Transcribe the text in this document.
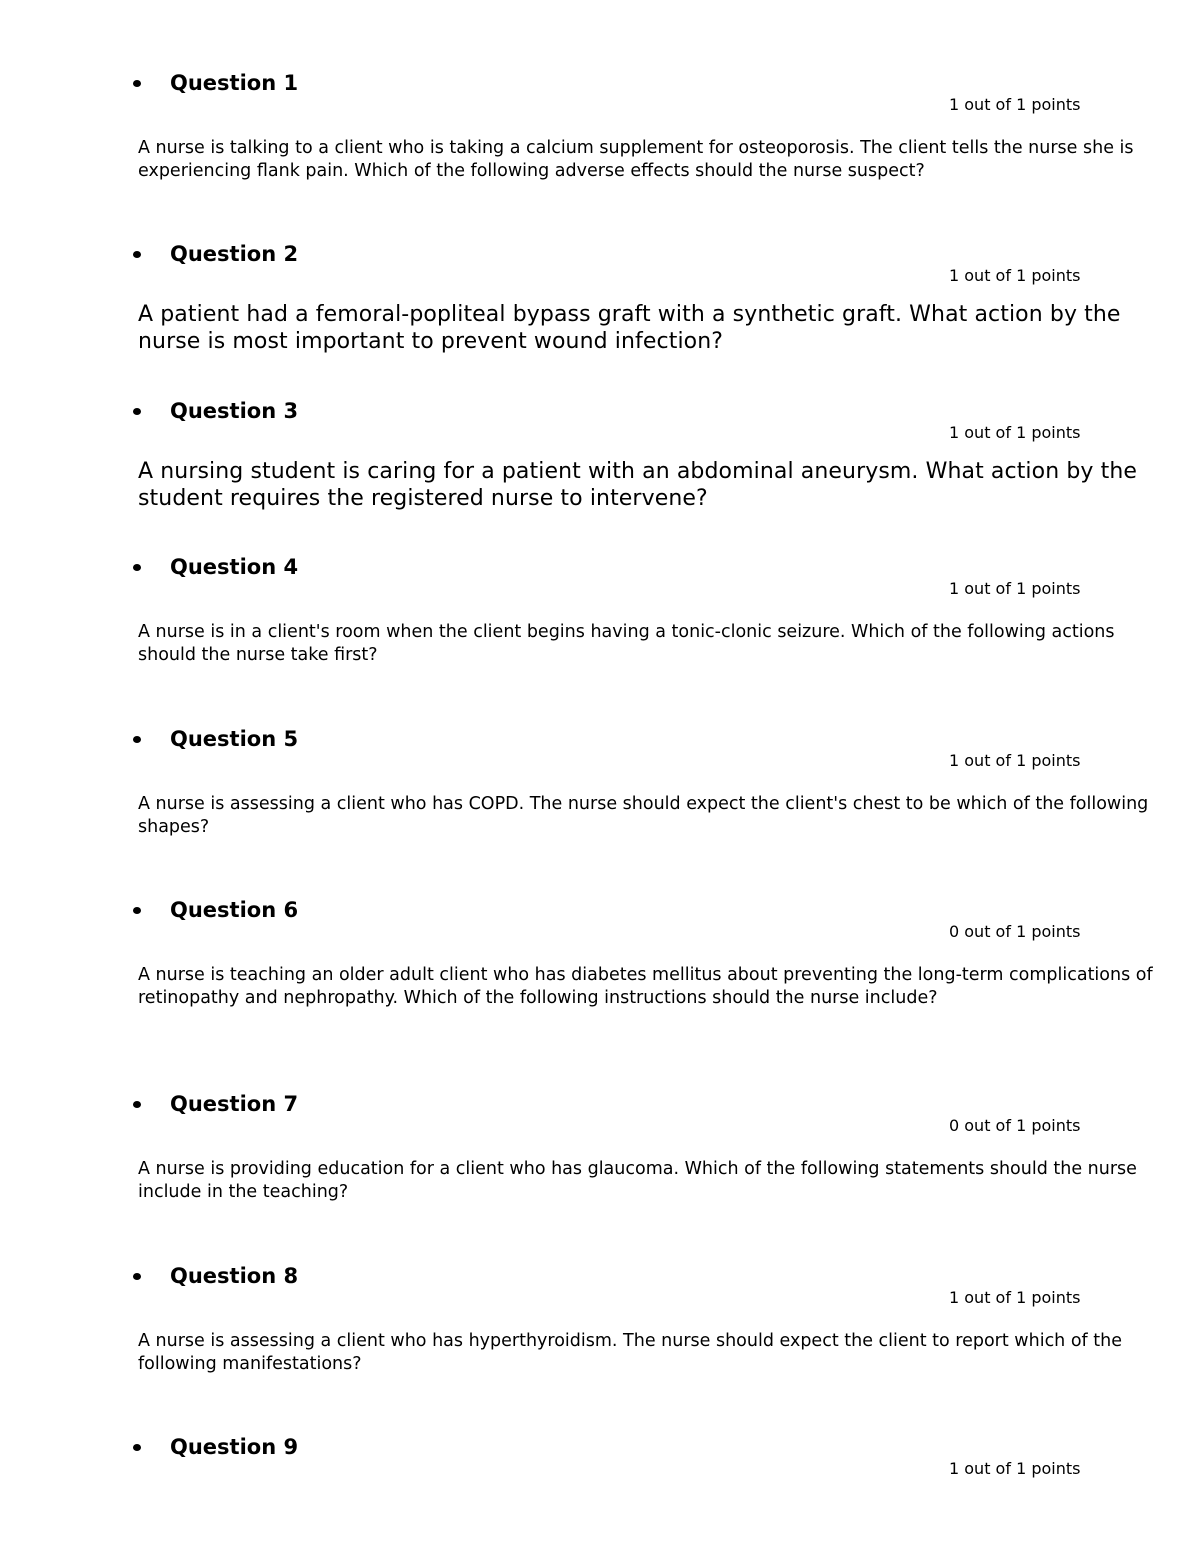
Question 1
1 out of 1 points
A nurse is talking to a client who is taking a calcium supplement for osteoporosis. The client tells the nurse she is experiencing flank pain. Which of the following adverse effects should the nurse suspect?
Question 2
1 out of 1 points
A patient had a femoral-popliteal bypass graft with a synthetic graft. What action by the nurse is most important to prevent wound infection?
Question 3
1 out of 1 points
A nursing student is caring for a patient with an abdominal aneurysm. What action by the student requires the registered nurse to intervene?
Question 4
1 out of 1 points
A nurse is in a client's room when the client begins having a tonic-clonic seizure. Which of the following actions should the nurse take first?
Question 5
1 out of 1 points
A nurse is assessing a client who has COPD. The nurse should expect the client's chest to be which of the following shapes?
Question 6
0 out of 1 points
A nurse is teaching an older adult client who has diabetes mellitus about preventing the long-term complications of retinopathy and nephropathy. Which of the following instructions should the nurse include?
Question 7
0 out of 1 points
A nurse is providing education for a client who has glaucoma. Which of the following statements should the nurse include in the teaching?
Question 8
1 out of 1 points
A nurse is assessing a client who has hyperthyroidism. The nurse should expect the client to report which of the following manifestations?
Question 9
1 out of 1 points
